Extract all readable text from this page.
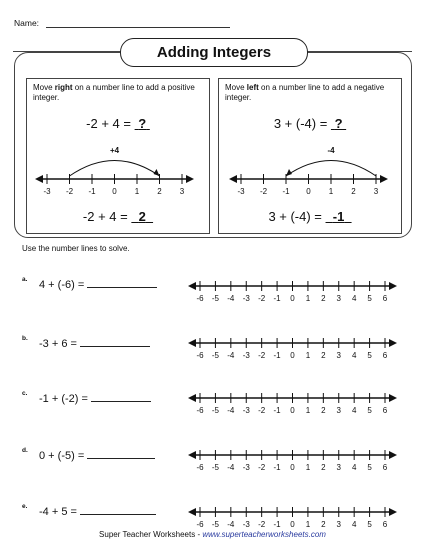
Name:
Adding Integers
Move right on a number line to add a positive integer.
-2 + 4 = ?
-3 -2 -1 0 1 2 3
+4
-2 + 4 = 2
Move left on a number line to add a negative integer.
3 + (-4) = ?
-3 -2 -1 0 1 2 3
-4
3 + (-4) = -1
Use the number lines to solve.
a. 4 + (-6) =
-6 -5 -4 -3 -2 -1 0 1 2 3 4 5 6
b. -3 + 6 =
-6 -5 -4 -3 -2 -1 0 1 2 3 4 5 6
c. -1 + (-2) =
-6 -5 -4 -3 -2 -1 0 1 2 3 4 5 6
d. 0 + (-5) =
-6 -5 -4 -3 -2 -1 0 1 2 3 4 5 6
e. -4 + 5 =
-6 -5 -4 -3 -2 -1 0 1 2 3 4 5 6
Super Teacher Worksheets - www.superteacherworksheets.com
